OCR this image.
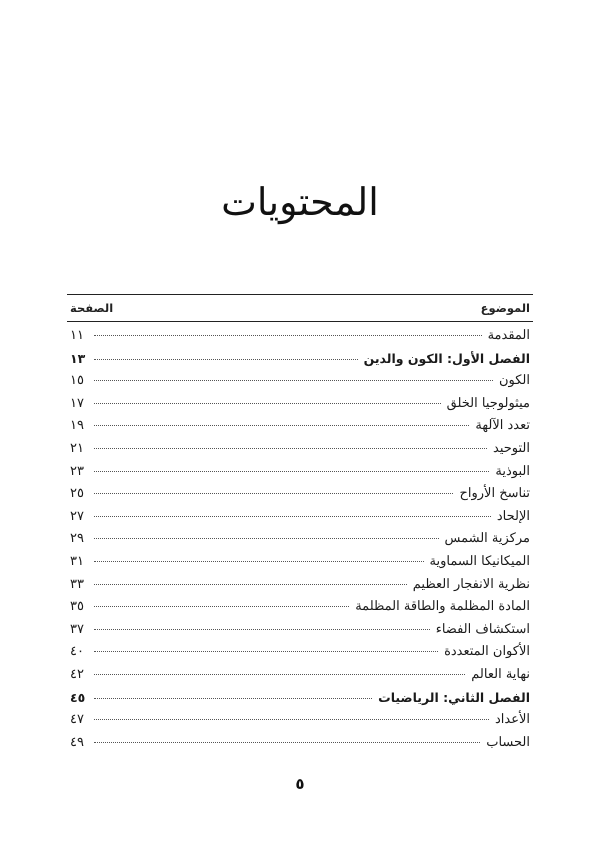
المحتويات
الموضوع
الصفحة
المقدمة
١١
الفصل الأول: الكون والدين
١٣
الكون
١٥
ميثولوجيا الخلق
١٧
تعدد الآلهة
١٩
التوحيد
٢١
البوذية
٢٣
تناسخ الأرواح
٢٥
الإلحاد
٢٧
مركزية الشمس
٢٩
الميكانيكا السماوية
٣١
نظرية الانفجار العظيم
٣٣
المادة المظلمة والطاقة المظلمة
٣٥
استكشاف الفضاء
٣٧
الأكوان المتعددة
٤٠
نهاية العالم
٤٢
الفصل الثاني: الرياضيات
٤٥
الأعداد
٤٧
الحساب
٤٩
٥
